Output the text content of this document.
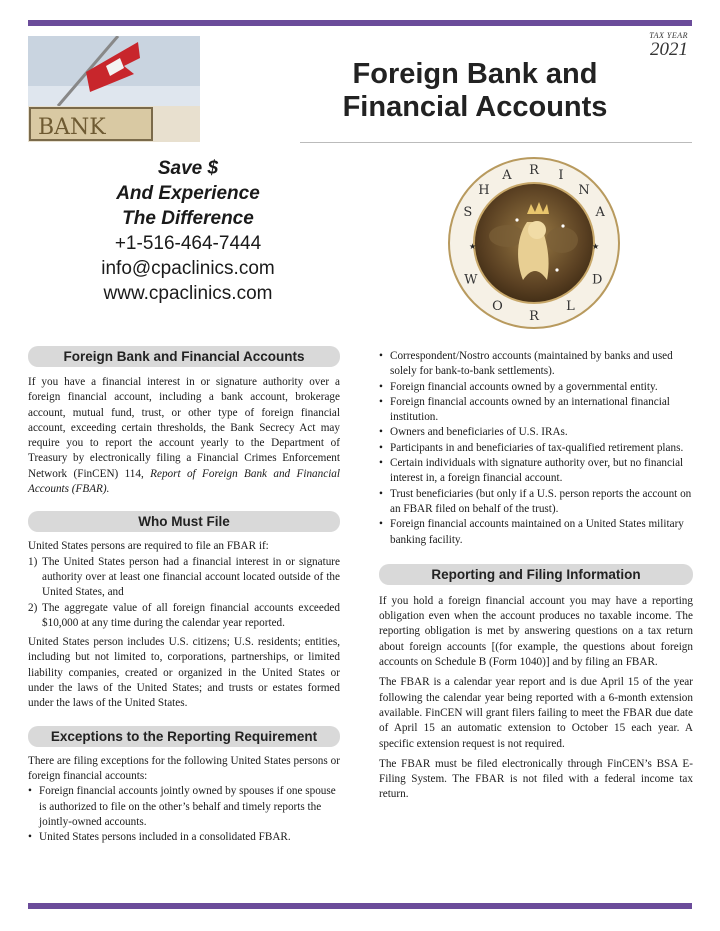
TAX YEAR
2021
BANK
Foreign Bank and
Financial Accounts
Save $
And Experience
The Difference
+1-516-464-7444
info@cpaclinics.com
www.cpaclinics.com
★	★
S
H
A R I
N
A
W
O
R
L
D
Foreign Bank and Financial Accounts

If you have a financial interest in or signature authority over a foreign financial account, including a bank account, brokerage account, mutual fund, trust, or other type of foreign financial account, exceeding certain thresholds, the Bank Secrecy Act may require you to report the account yearly to the Department of Treasury by electronically filing a Financial Crimes Enforcement Network (FinCEN) 114, Report of Foreign Bank and Financial Accounts (FBAR).

Who Must File

United States persons are required to file an FBAR if:

1) The United States person had a financial interest in or signature authority over at least one financial account located outside of the United States, and
2) The aggregate value of all foreign financial accounts exceeded $10,000 at any time during the calendar year reported.

United States person includes U.S. citizens; U.S. residents; entities, including but not limited to, corporations, partnerships, or limited liability companies, created or organized in the United States or under the laws of the United States; and trusts or estates formed under the laws of the United States.

Exceptions to the Reporting Requirement

There are filing exceptions for the following United States persons or foreign financial accounts:

• Foreign financial accounts jointly owned by spouses if one spouse is authorized to file on the other’s behalf and timely reports the jointly-owned accounts.
• United States persons included in a consolidated FBAR.
• Correspondent/Nostro accounts (maintained by banks and used solely for bank-to-bank settlements).
• Foreign financial accounts owned by a governmental entity.
• Foreign financial accounts owned by an international financial institution.
• Owners and beneficiaries of U.S. IRAs.
• Participants in and beneficiaries of tax-qualified retirement plans.
• Certain individuals with signature authority over, but no financial interest in, a foreign financial account.
• Trust beneficiaries (but only if a U.S. person reports the account on an FBAR filed on behalf of the trust).
• Foreign financial accounts maintained on a United States military banking facility.
Reporting and Filing Information

If you hold a foreign financial account you may have a reporting obligation even when the account produces no taxable income. The reporting obligation is met by answering questions on a tax return about foreign accounts [(for example, the questions about foreign accounts on Schedule B (Form 1040)] and by filing an FBAR.

The FBAR is a calendar year report and is due April 15 of the year following the calendar year being reported with a 6-month extension available. FinCEN will grant filers failing to meet the FBAR due date of April 15 an automatic extension to October 15 each year. A specific extension request is not required.

The FBAR must be filed electronically through FinCEN’s BSA E-Filing System. The FBAR is not filed with a federal income tax return.
